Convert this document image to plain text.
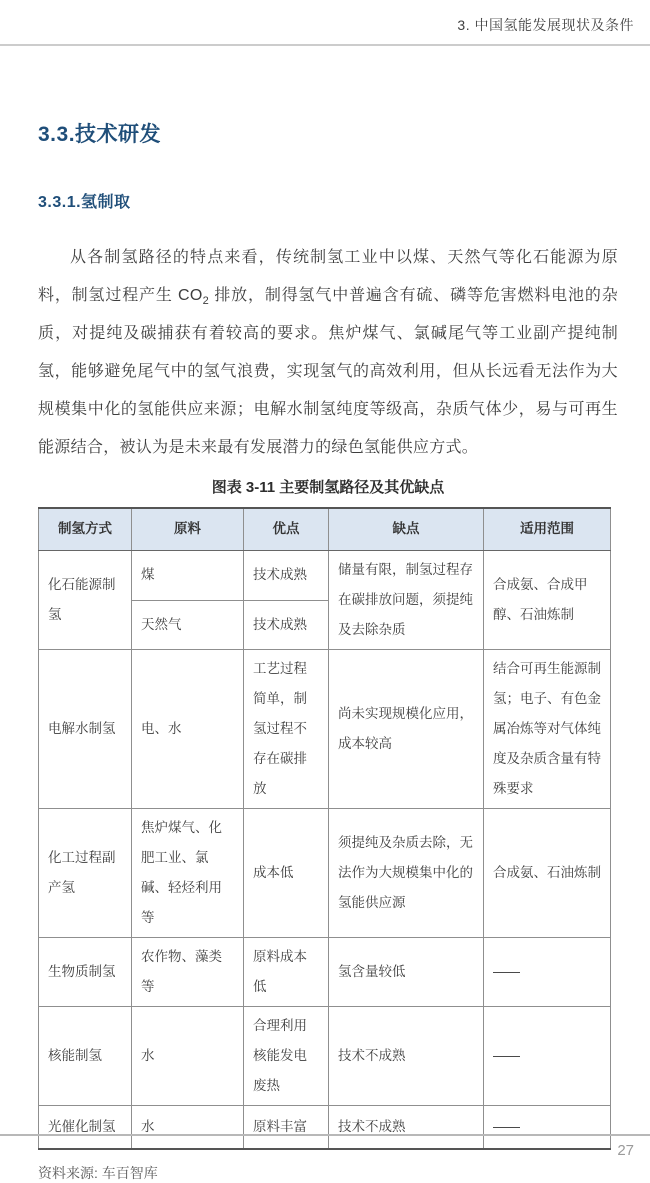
3. 中国氢能发展现状及条件
3.3.技术研发
3.3.1.氢制取

从各制氢路径的特点来看，传统制氢工业中以煤、天然气等化石能源为原料，制氢过程产生 $CO_2$ 排放，制得氢气中普遍含有硫、磷等危害燃料电池的杂质，对提纯及碳捕获有着较高的要求。焦炉煤气、氯碱尾气等工业副产提纯制氢，能够避免尾气中的氢气浪费，实现氢气的高效利用，但从长远看无法作为大规模集中化的氢能供应来源；电解水制氢纯度等级高，杂质气体少，易与可再生能源结合，被认为是未来最有发展潜力的绿色氢能供应方式。

图表 3-11 主要制氢路径及其优缺点
制氢方式	原料	优点	缺点	适用范围
化石能源制氢	煤	技术成熟	储量有限，制氢过程存在碳排放问题，须提纯及去除杂质	合成氨、合成甲醇、石油炼制
	天然气	技术成熟		
电解水制氢	电、水	工艺过程简单，制氢过程不存在碳排放	尚未实现规模化应用，成本较高	结合可再生能源制氢；电子、有色金属冶炼等对气体纯度及杂质含量有特殊要求
化工过程副产氢	焦炉煤气、化肥工业、氯碱、轻烃利用等	成本低	须提纯及杂质去除，无法作为大规模集中化的氢能供应源	合成氨、石油炼制
生物质制氢	农作物、藻类等	原料成本低	氢含量较低	——
核能制氢	水	合理利用核能发电废热	技术不成熟	——
光催化制氢	水	原料丰富	技术不成熟	——
资料来源: 车百智库
27
